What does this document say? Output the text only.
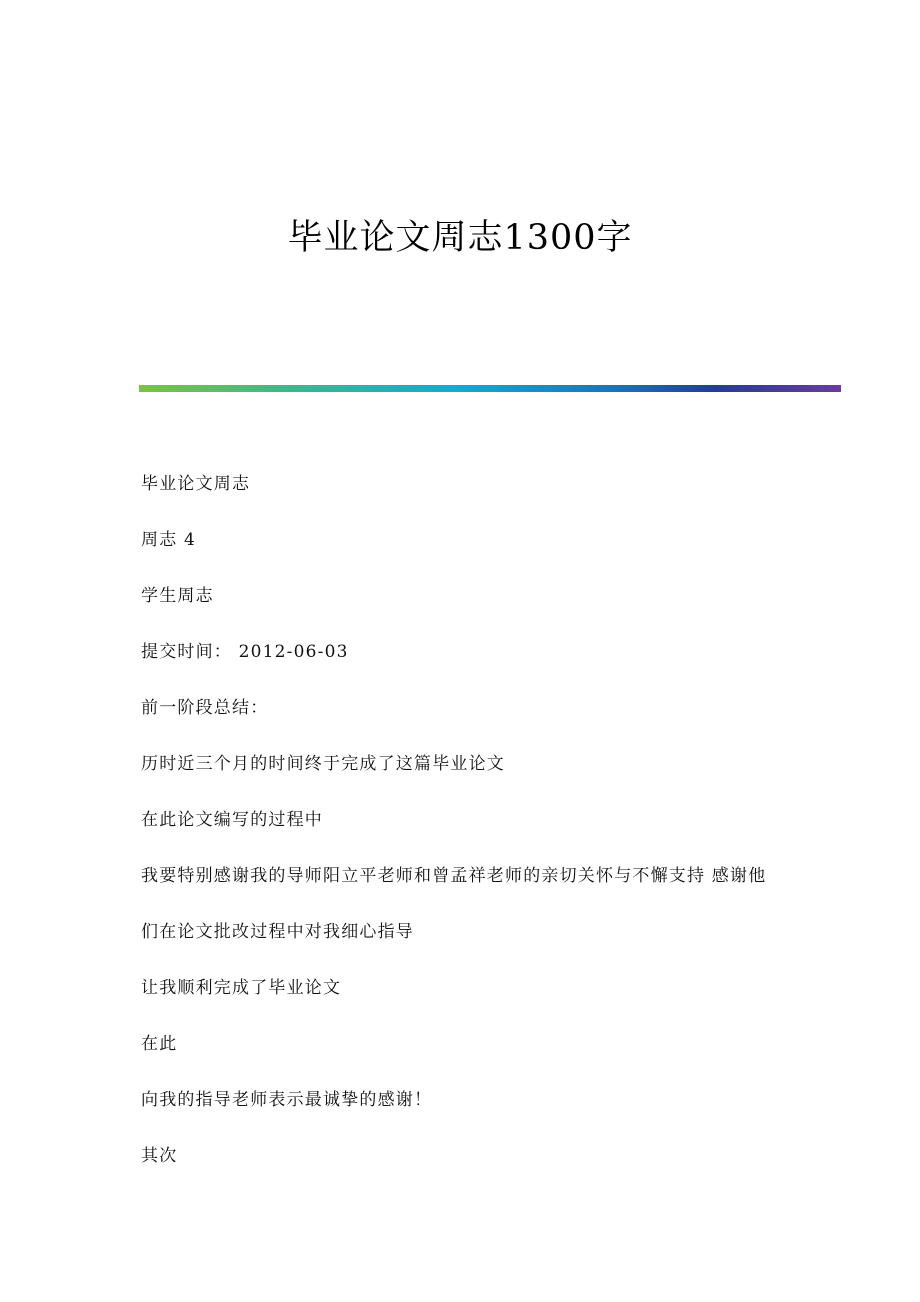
毕业论文周志1300字
毕业论文周志
周志 4
学生周志
提交时间： 2012-06-03
前一阶段总结：
历时近三个月的时间终于完成了这篇毕业论文
在此论文编写的过程中
我要特别感谢我的导师阳立平老师和曾孟祥老师的亲切关怀与不懈支持 感谢他
们在论文批改过程中对我细心指导
让我顺利完成了毕业论文
在此
向我的指导老师表示最诚挚的感谢！
其次
